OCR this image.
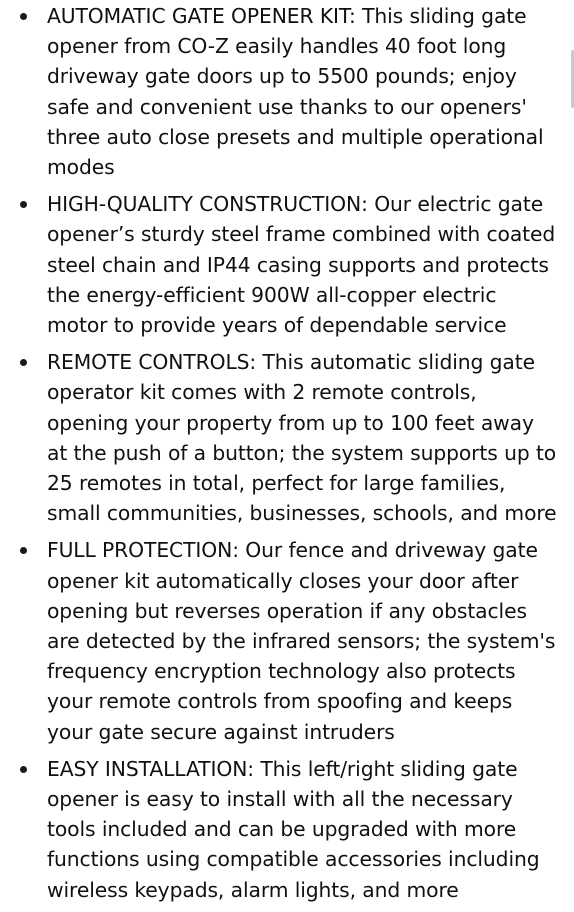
AUTOMATIC GATE OPENER KIT: This sliding gate opener from CO-Z easily handles 40 foot long driveway gate doors up to 5500 pounds; enjoy safe and convenient use thanks to our openers' three auto close presets and multiple operational modes
HIGH-QUALITY CONSTRUCTION: Our electric gate opener’s sturdy steel frame combined with coated steel chain and IP44 casing supports and protects the energy-efficient 900W all-copper electric motor to provide years of dependable service
REMOTE CONTROLS: This automatic sliding gate operator kit comes with 2 remote controls, opening your property from up to 100 feet away at the push of a button; the system supports up to 25 remotes in total, perfect for large families, small communities, businesses, schools, and more
FULL PROTECTION: Our fence and driveway gate opener kit automatically closes your door after opening but reverses operation if any obstacles are detected by the infrared sensors; the system's frequency encryption technology also protects your remote controls from spoofing and keeps your gate secure against intruders
EASY INSTALLATION: This left/right sliding gate opener is easy to install with all the necessary tools included and can be upgraded with more functions using compatible accessories including wireless keypads, alarm lights, and more
